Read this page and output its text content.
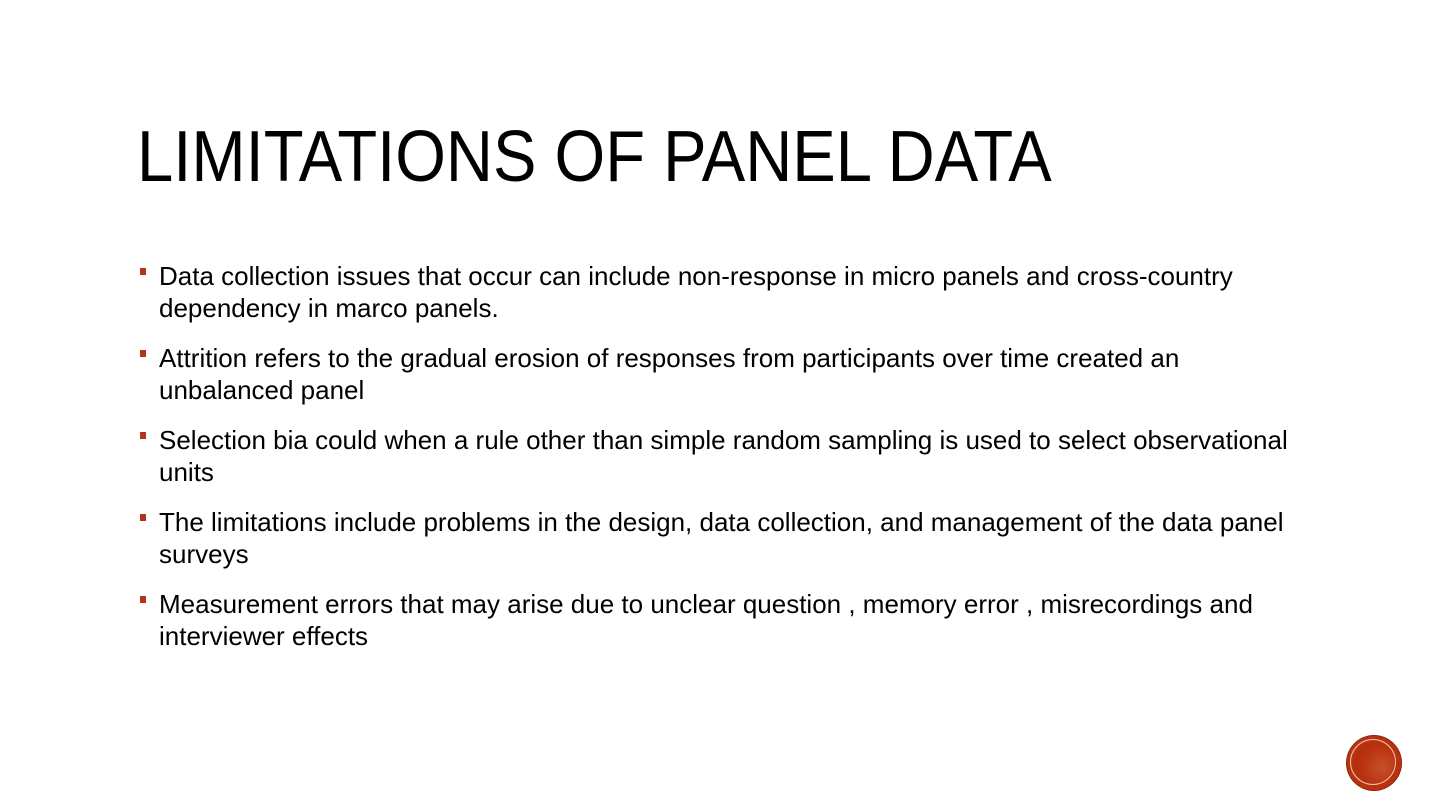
LIMITATIONS OF PANEL DATA
Data collection issues that occur can include non-response in micro panels and cross-country dependency in marco panels.
Attrition refers to the gradual erosion of responses from participants over time created an unbalanced panel
Selection bia could when a rule other than simple random sampling is used to select observational units
The limitations include problems in the design, data collection, and management of the data panel surveys
Measurement errors that may arise due to unclear question , memory error , misrecordings and interviewer effects
